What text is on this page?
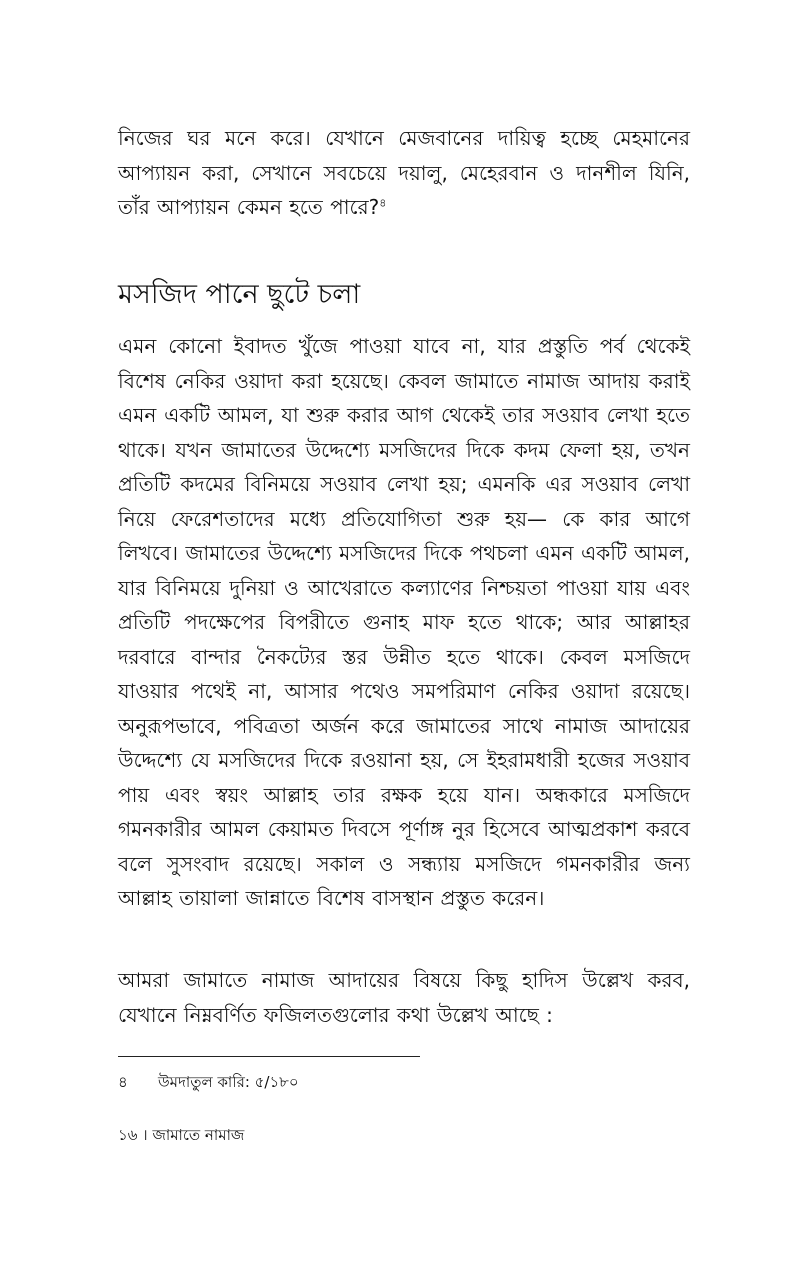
নিজের ঘর মনে করে। যেখানে মেজবানের দায়িত্ব হচ্ছে মেহমানের আপ্যায়ন করা, সেখানে সবচেয়ে দয়ালু, মেহেরবান ও দানশীল যিনি, তাঁর আপ্যায়ন কেমন হতে পারে?$^৪$

মসজিদ পানে ছুটে চলা

এমন কোনো ইবাদত খুঁজে পাওয়া যাবে না, যার প্রস্তুতি পর্ব থেকেই বিশেষ নেকির ওয়াদা করা হয়েছে। কেবল জামাতে নামাজ আদায় করাই এমন একটি আমল, যা শুরু করার আগ থেকেই তার সওয়াব লেখা হতে থাকে। যখন জামাতের উদ্দেশ্যে মসজিদের দিকে কদম ফেলা হয়, তখন প্রতিটি কদমের বিনিময়ে সওয়াব লেখা হয়; এমনকি এর সওয়াব লেখা নিয়ে ফেরেশতাদের মধ্যে প্রতিযোগিতা শুরু হয়— কে কার আগে লিখবে। জামাতের উদ্দেশ্যে মসজিদের দিকে পথচলা এমন একটি আমল, যার বিনিময়ে দুনিয়া ও আখেরাতে কল্যাণের নিশ্চয়তা পাওয়া যায় এবং প্রতিটি পদক্ষেপের বিপরীতে গুনাহ মাফ হতে থাকে; আর আল্লাহর দরবারে বান্দার নৈকট্যের স্তর উন্নীত হতে থাকে। কেবল মসজিদে যাওয়ার পথেই না, আসার পথেও সমপরিমাণ নেকির ওয়াদা রয়েছে। অনুরূপভাবে, পবিত্রতা অর্জন করে জামাতের সাথে নামাজ আদায়ের উদ্দেশ্যে যে মসজিদের দিকে রওয়ানা হয়, সে ইহরামধারী হজের সওয়াব পায় এবং স্বয়ং আল্লাহ তার রক্ষক হয়ে যান। অন্ধকারে মসজিদে গমনকারীর আমল কেয়ামত দিবসে পূর্ণাঙ্গ নুর হিসেবে আত্মপ্রকাশ করবে বলে সুসংবাদ রয়েছে। সকাল ও সন্ধ্যায় মসজিদে গমনকারীর জন্য আল্লাহ তায়ালা জান্নাতে বিশেষ বাসস্থান প্রস্তুত করেন।

আমরা জামাতে নামাজ আদায়ের বিষয়ে কিছু হাদিস উল্লেখ করব, যেখানে নিম্নবর্ণিত ফজিলতগুলোর কথা উল্লেখ আছে :

৪ উমদাতুল কারি: ৫/১৮০
১৬ । জামাতে নামাজ
